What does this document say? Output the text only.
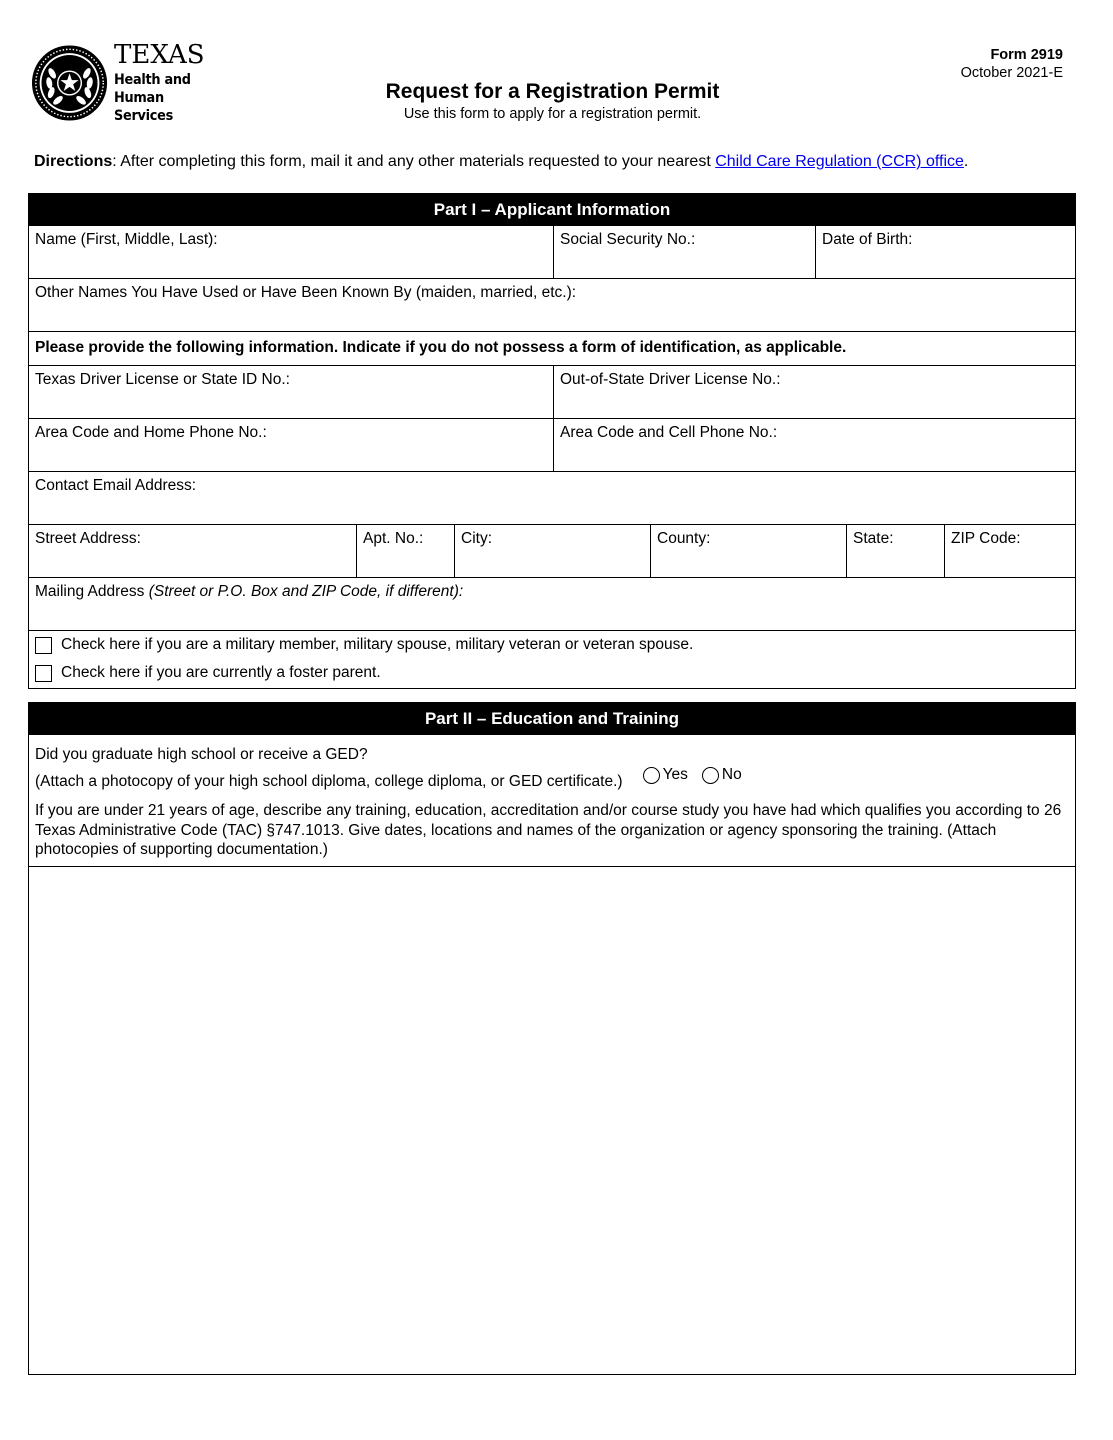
TEXAS
Health and Human
Services
Form 2919
October 2021-E
Request for a Registration Permit
Use this form to apply for a registration permit.
Directions: After completing this form, mail it and any other materials requested to your nearest Child Care Regulation (CCR) office.
Part I – Applicant Information
Name (First, Middle, Last):	Social Security No.:	Date of Birth:
Other Names You Have Used or Have Been Known By (maiden, married, etc.):
Please provide the following information. Indicate if you do not possess a form of identification, as applicable.
Texas Driver License or State ID No.:	Out-of-State Driver License No.:
Area Code and Home Phone No.:	Area Code and Cell Phone No.:
Contact Email Address:
Street Address:	Apt. No.:	City:	County:	State:	ZIP Code:
Mailing Address (Street or P.O. Box and ZIP Code, if different):
Check here if you are a military member, military spouse, military veteran or veteran spouse.
Check here if you are currently a foster parent.
Part II – Education and Training
Did you graduate high school or receive a GED?
(Attach a photocopy of your high school diploma, college diploma, or GED certificate.)	Yes No
If you are under 21 years of age, describe any training, education, accreditation and/or course study you have had which qualifies you according to 26 Texas Administrative Code (TAC) §747.1013. Give dates, locations and names of the organization or agency sponsoring the training. (Attach photocopies of supporting documentation.)
